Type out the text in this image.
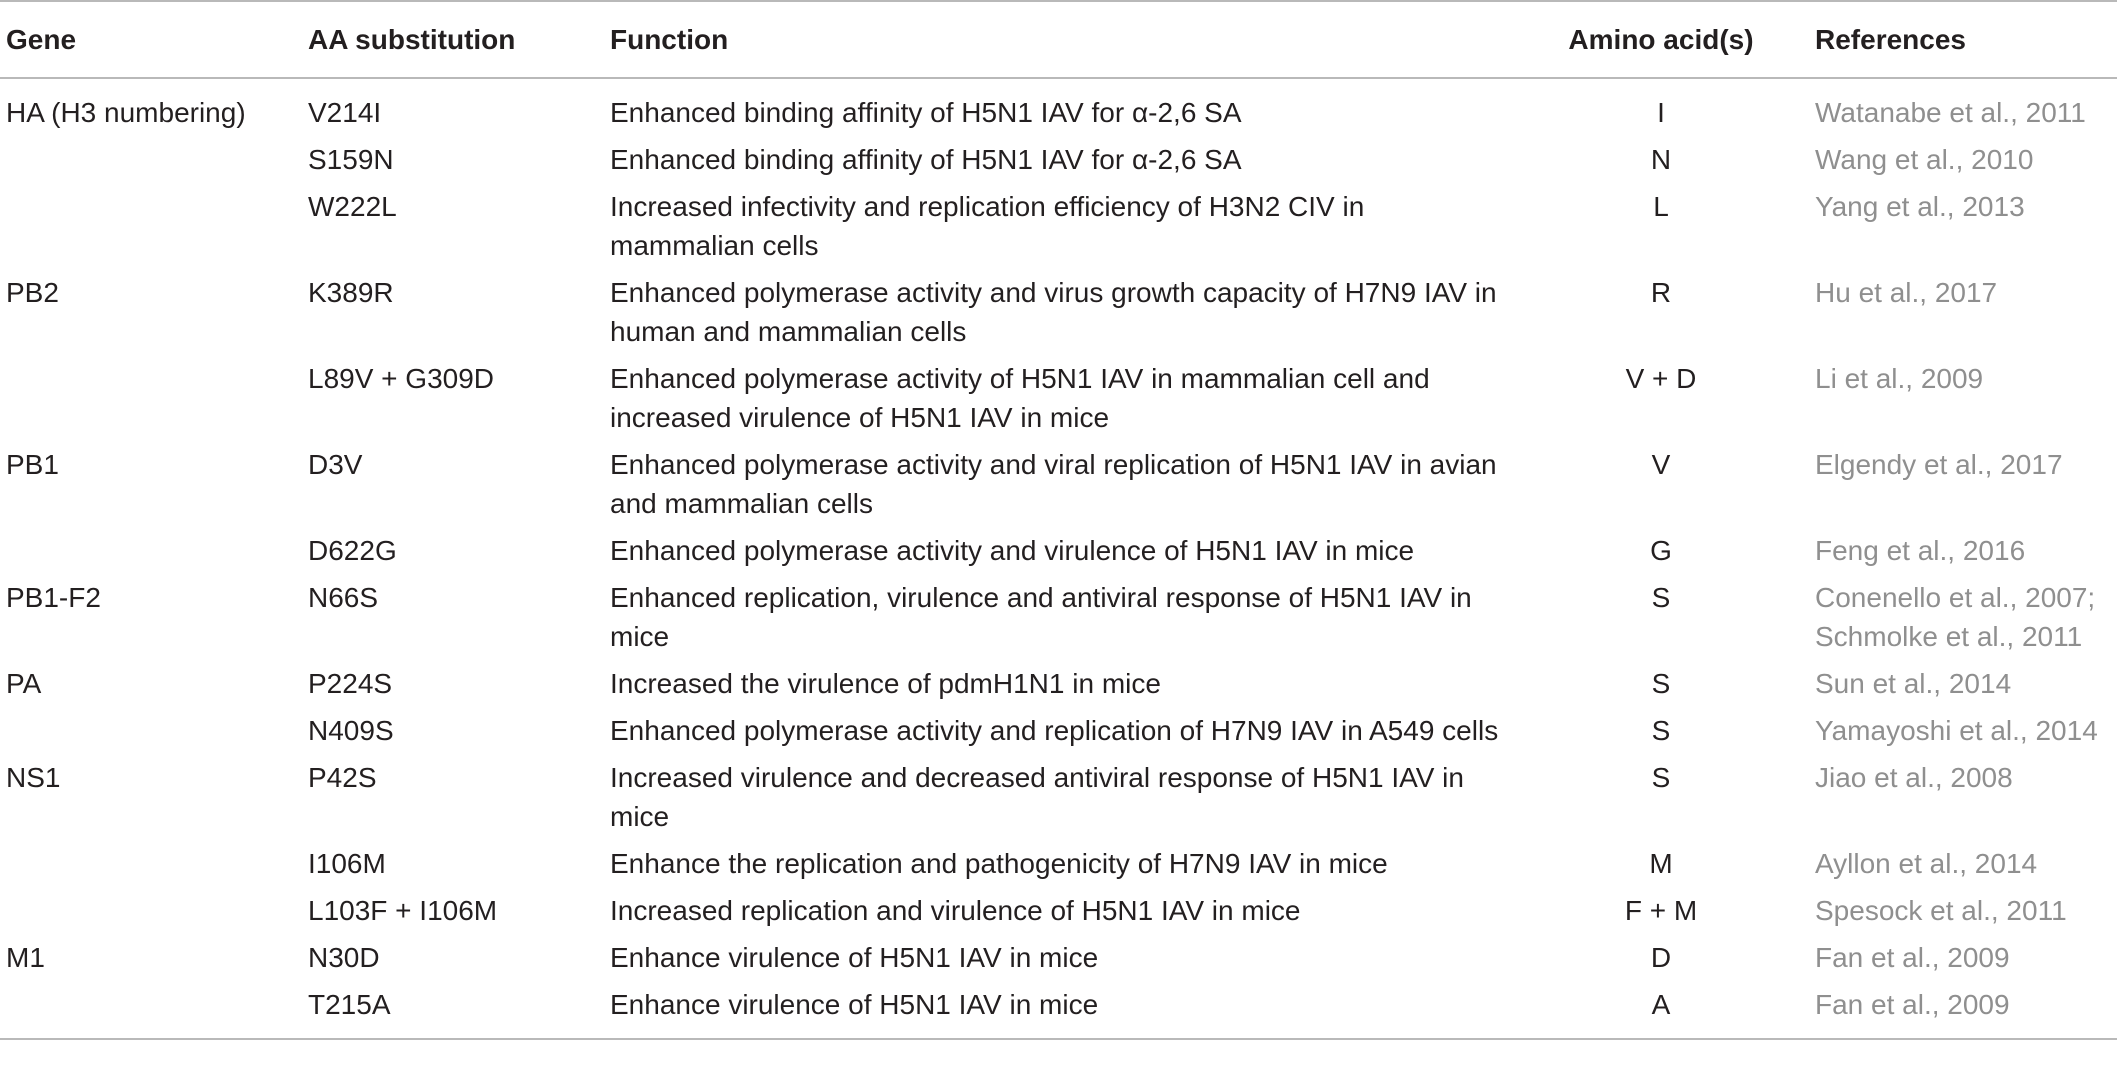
Gene	AA substitution	Function	Amino acid(s)	References
HA (H3 numbering)	V214I	Enhanced binding affinity of H5N1 IAV for α-2,6 SA	I	Watanabe et al., 2011

	S159N	Enhanced binding affinity of H5N1 IAV for α-2,6 SA	N	Wang et al., 2010

	W222L	Increased infectivity and replication efficiency of H3N2 CIV in mammalian cells	L	Yang et al., 2013

PB2	K389R	Enhanced polymerase activity and virus growth capacity of H7N9 IAV in human and mammalian cells	R	Hu et al., 2017

	L89V + G309D	Enhanced polymerase activity of H5N1 IAV in mammalian cell and increased virulence of H5N1 IAV in mice	V + D	Li et al., 2009

PB1	D3V	Enhanced polymerase activity and viral replication of H5N1 IAV in avian and mammalian cells	V	Elgendy et al., 2017

	D622G	Enhanced polymerase activity and virulence of H5N1 IAV in mice	G	Feng et al., 2016

PB1-F2	N66S	Enhanced replication, virulence and antiviral response of H5N1 IAV in mice	S	Conenello et al., 2007;
Schmolke et al., 2011

PA	P224S	Increased the virulence of pdmH1N1 in mice	S	Sun et al., 2014

	N409S	Enhanced polymerase activity and replication of H7N9 IAV in A549 cells	S	Yamayoshi et al., 2014

NS1	P42S	Increased virulence and decreased antiviral response of H5N1 IAV in mice	S	Jiao et al., 2008

	I106M	Enhance the replication and pathogenicity of H7N9 IAV in mice	M	Ayllon et al., 2014

	L103F + I106M	Increased replication and virulence of H5N1 IAV in mice	F + M	Spesock et al., 2011

M1	N30D	Enhance virulence of H5N1 IAV in mice	D	Fan et al., 2009

	T215A	Enhance virulence of H5N1 IAV in mice	A	Fan et al., 2009
